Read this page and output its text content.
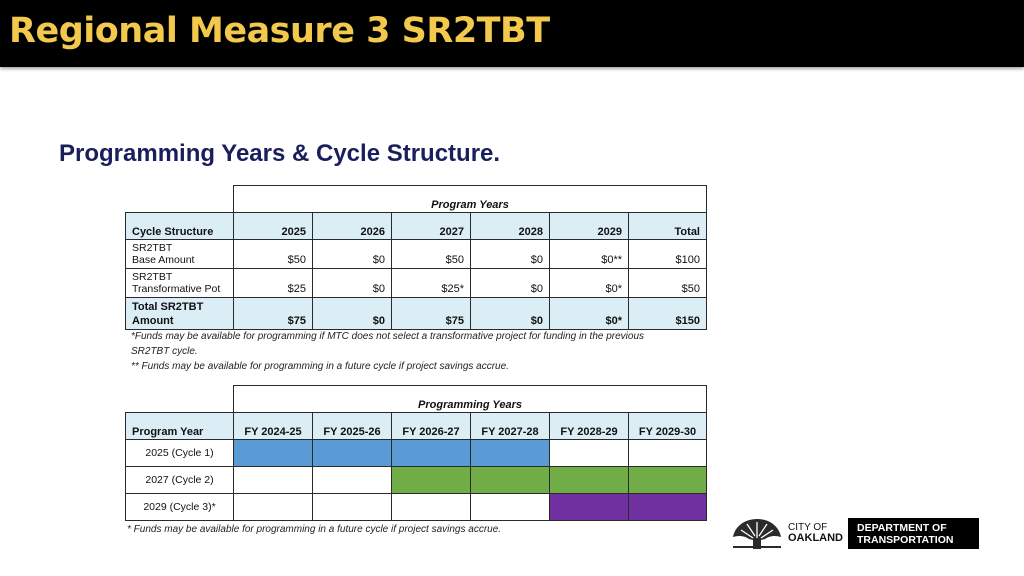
Regional Measure 3 SR2TBT
Programming Years & Cycle Structure.
	Program Years					
Cycle Structure	2025	2026	2027	2028	2029	Total

SR2TBT
Base Amount	$50	$0	$50	$0	$0**	$100

SR2TBT
Transformative Pot	$25	$0	$25*	$0	$0*	$50

Total SR2TBT
Amount	$75	$0	$75	$0	$0*	$150
*Funds may be available for programming if MTC does not select a transformative project for funding in the previous
SR2TBT cycle.
** Funds may be available for programming in a future cycle if project savings accrue.
	Programming Years					
Program Year	FY 2024-25	FY 2025-26	FY 2026-27	FY 2027-28	FY 2028-29	FY 2029-30
2025 (Cycle 1)						
2027 (Cycle 2)						
2029 (Cycle 3)*						
* Funds may be available for programming in a future cycle if project savings accrue.	CITY OF
OAKLAND
DEPARTMENT OF
TRANSPORTATION
